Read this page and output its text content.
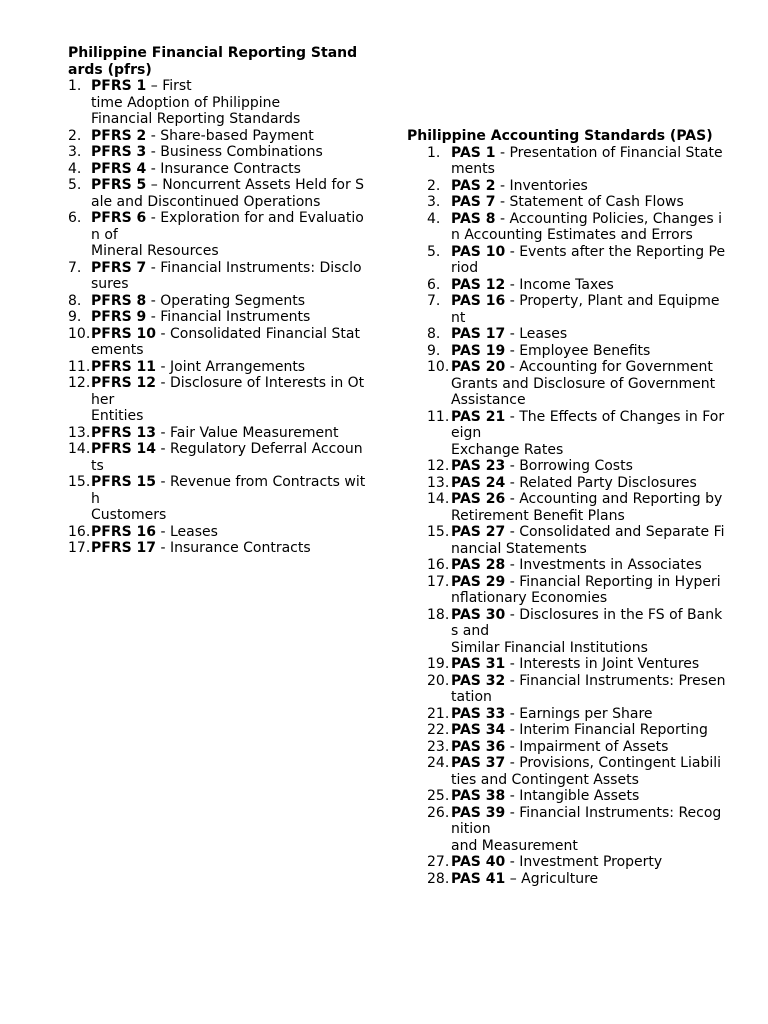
Philippine Financial Reporting Stand
ards (pfrs)

1. PFRS 1 – First
time Adoption of Philippine
Financial Reporting Standards
2. PFRS 2 - Share-based Payment
3. PFRS 3 - Business Combinations
4. PFRS 4 - Insurance Contracts
5. PFRS 5 – Noncurrent Assets Held for S
ale and Discontinued Operations
6. PFRS 6 - Exploration for and Evaluatio
n of
Mineral Resources
7. PFRS 7 - Financial Instruments: Disclo
sures
8. PFRS 8 - Operating Segments
9. PFRS 9 - Financial Instruments
10. PFRS 10 - Consolidated Financial Stat
ements
11. PFRS 11 - Joint Arrangements
12. PFRS 12 - Disclosure of Interests in Ot
her
Entities
13. PFRS 13 - Fair Value Measurement
14. PFRS 14 - Regulatory Deferral Accoun
ts
15. PFRS 15 - Revenue from Contracts wit
h
Customers
16. PFRS 16 - Leases
17. PFRS 17 - Insurance Contracts

Philippine Accounting Standards (PAS)

1. PAS 1 - Presentation of Financial State
ments
2. PAS 2 - Inventories
3. PAS 7 - Statement of Cash Flows
4. PAS 8 - Accounting Policies, Changes i
n Accounting Estimates and Errors
5. PAS 10 - Events after the Reporting Pe
riod
6. PAS 12 - Income Taxes
7. PAS 16 - Property, Plant and Equipme
nt
8. PAS 17 - Leases
9. PAS 19 - Employee Benefits
10. PAS 20 - Accounting for Government
Grants and Disclosure of Government
Assistance
11. PAS 21 - The Effects of Changes in For
eign
Exchange Rates
12. PAS 23 - Borrowing Costs
13. PAS 24 - Related Party Disclosures
14. PAS 26 - Accounting and Reporting by
Retirement Benefit Plans
15. PAS 27 - Consolidated and Separate Fi
nancial Statements
16. PAS 28 - Investments in Associates
17. PAS 29 - Financial Reporting in Hyperi
nflationary Economies
18. PAS 30 - Disclosures in the FS of Bank
s and
Similar Financial Institutions
19. PAS 31 - Interests in Joint Ventures
20. PAS 32 - Financial Instruments: Presen
tation
21. PAS 33 - Earnings per Share
22. PAS 34 - Interim Financial Reporting
23. PAS 36 - Impairment of Assets
24. PAS 37 - Provisions, Contingent Liabili
ties and Contingent Assets
25. PAS 38 - Intangible Assets
26. PAS 39 - Financial Instruments: Recog
nition
and Measurement
27. PAS 40 - Investment Property
28. PAS 41 – Agriculture
